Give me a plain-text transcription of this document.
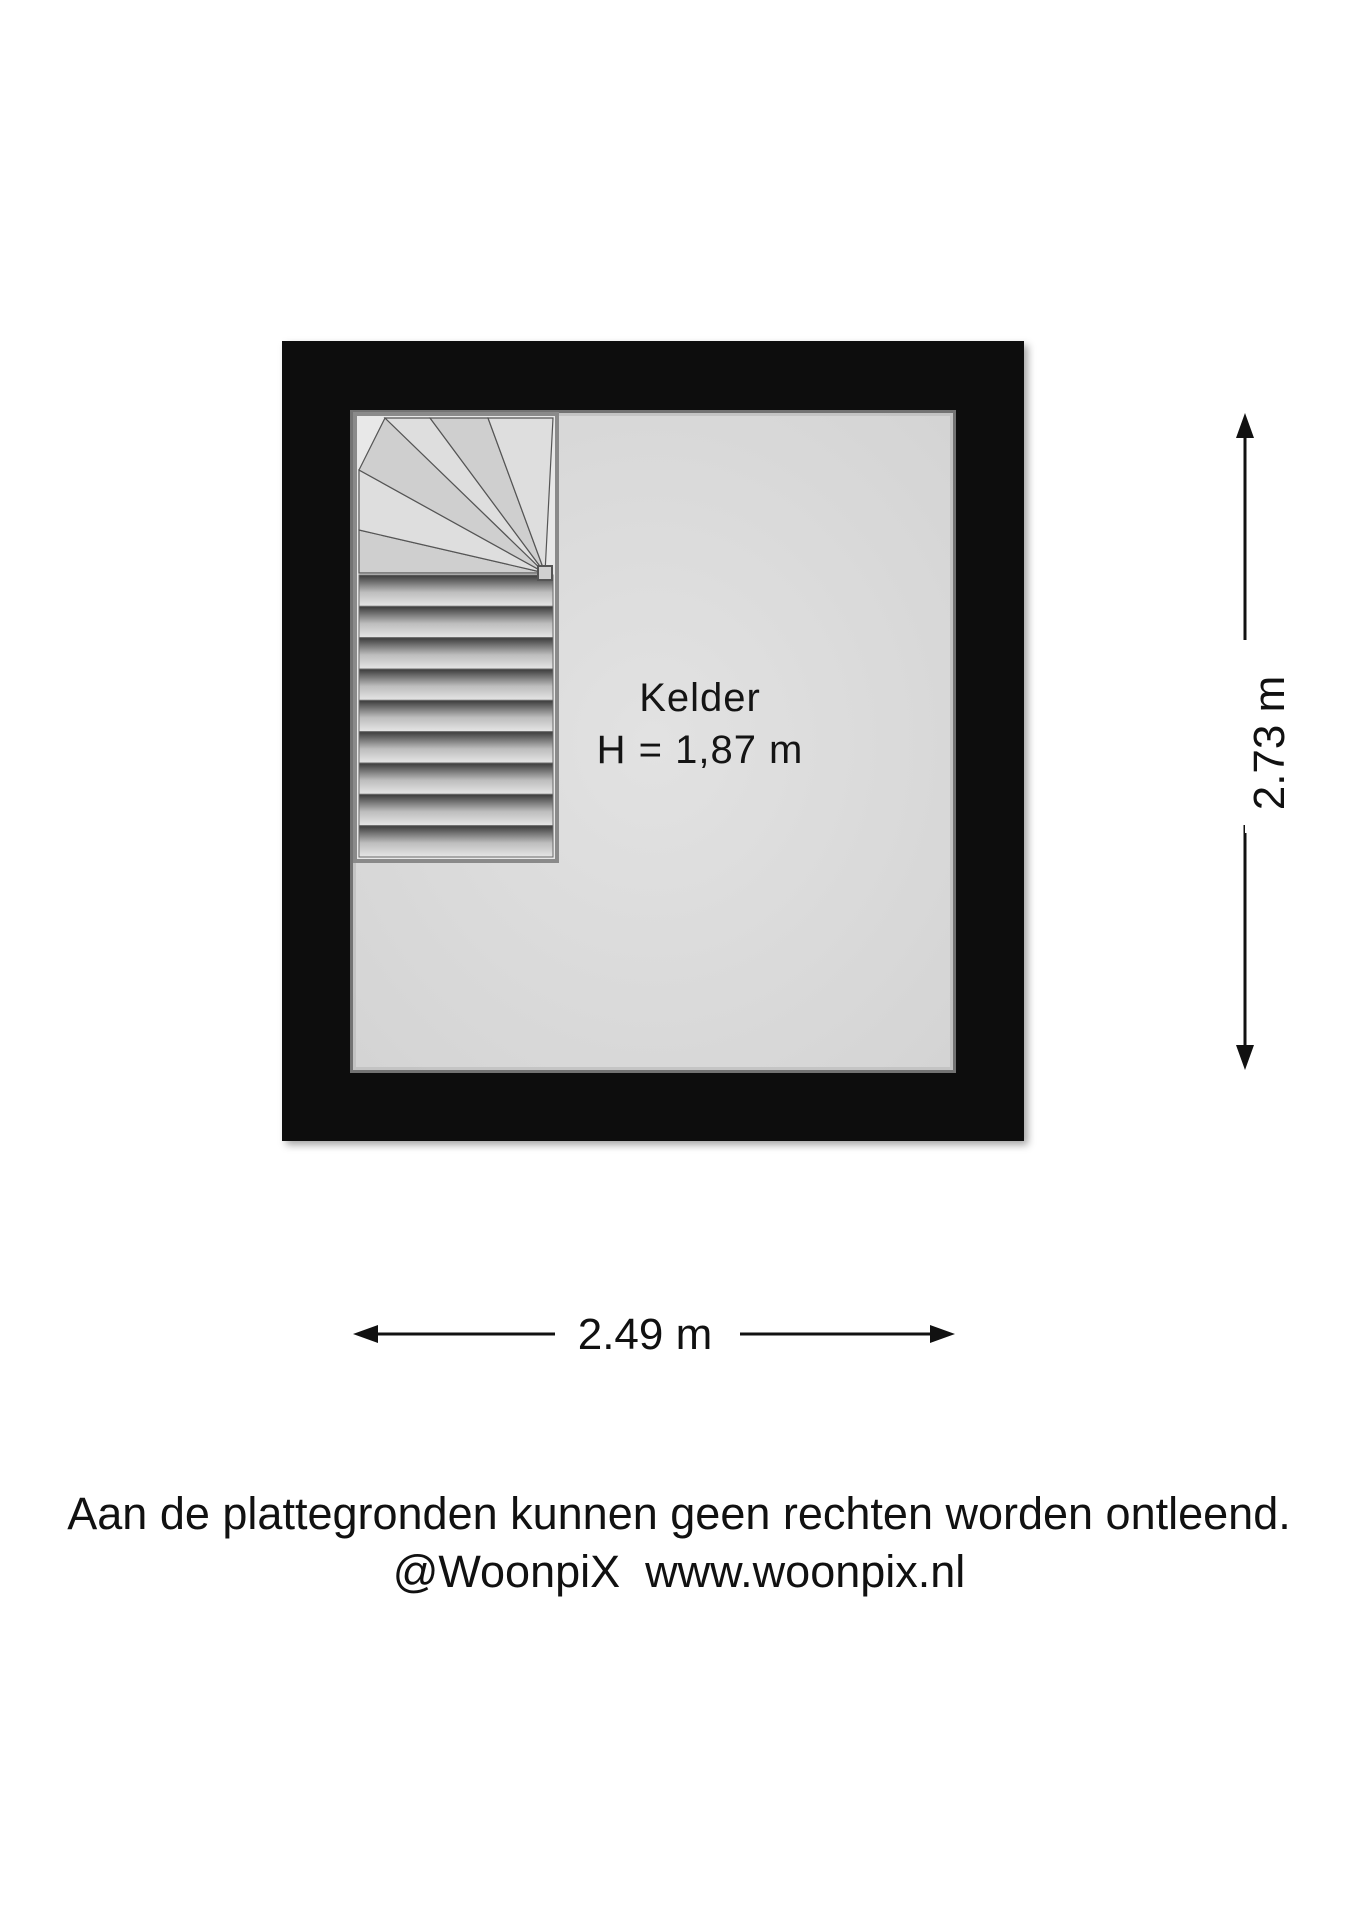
Kelder
H = 1,87 m
2.49 m
2.73 m
Aan de plattegronden kunnen geen rechten worden ontleend.
@WoonpiX  www.woonpix.nl
